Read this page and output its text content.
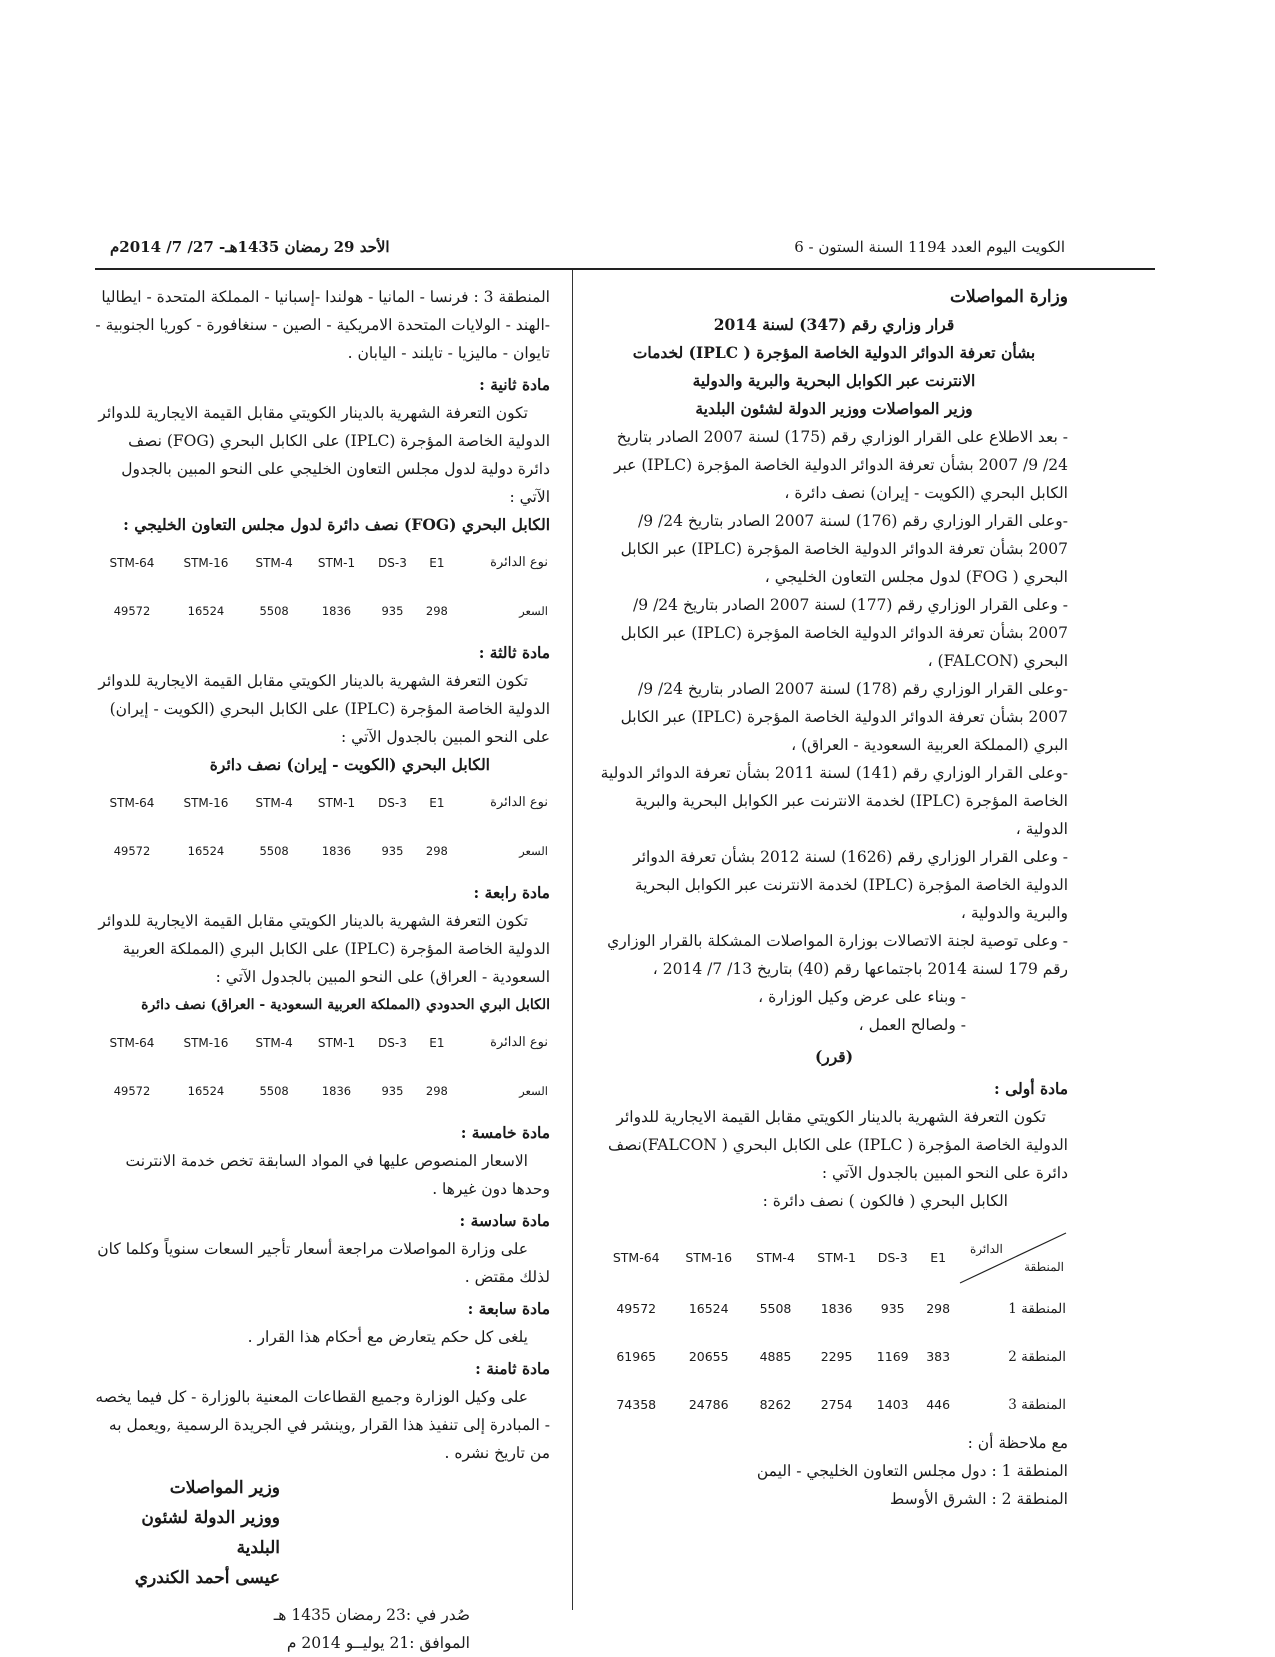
الكويت اليوم العدد 1194 السنة الستون - 6
الأحد 29 رمضان 1435هـ- 27/ 7/ 2014م

وزارة المواصلات

قرار وزاري رقم (347) لسنة 2014

بشأن تعرفة الدوائر الدولية الخاصة المؤجرة ( IPLC) لخدمات

الانترنت عبر الكوابل البحرية والبرية والدولية

وزير المواصلات ووزير الدولة لشئون البلدية

- بعد الاطلاع على القرار الوزاري رقم (175) لسنة 2007 الصادر بتاريخ 24/ 9/ 2007 بشأن تعرفة الدوائر الدولية الخاصة المؤجرة (IPLC) عبر الكابل البحري (الكويت - إيران) نصف دائرة ،

-وعلى القرار الوزاري رقم (176) لسنة 2007 الصادر بتاريخ 24/ 9/ 2007 بشأن تعرفة الدوائر الدولية الخاصة المؤجرة (IPLC) عبر الكابل البحري ( FOG) لدول مجلس التعاون الخليجي ،

- وعلى القرار الوزاري رقم (177) لسنة 2007 الصادر بتاريخ 24/ 9/ 2007 بشأن تعرفة الدوائر الدولية الخاصة المؤجرة (IPLC) عبر الكابل البحري (FALCON) ،

-وعلى القرار الوزاري رقم (178) لسنة 2007 الصادر بتاريخ 24/ 9/ 2007 بشأن تعرفة الدوائر الدولية الخاصة المؤجرة (IPLC) عبر الكابل البري (المملكة العربية السعودية - العراق) ،

-وعلى القرار الوزاري رقم (141) لسنة 2011 بشأن تعرفة الدوائر الدولية الخاصة المؤجرة (IPLC) لخدمة الانترنت عبر الكوابل البحرية والبرية الدولية ،

- وعلى القرار الوزاري رقم (1626) لسنة 2012 بشأن تعرفة الدوائر الدولية الخاصة المؤجرة (IPLC) لخدمة الانترنت عبر الكوابل البحرية والبرية والدولية ،

- وعلى توصية لجنة الاتصالات بوزارة المواصلات المشكلة بالقرار الوزاري رقم 179 لسنة 2014 باجتماعها رقم (40) بتاريخ 13/ 7/ 2014 ،

- وبناء على عرض وكيل الوزارة ،

- ولصالح العمل ،

(قرر)

مادة أولى :

تكون التعرفة الشهرية بالدينار الكويتي مقابل القيمة الايجارية للدوائر الدولية الخاصة المؤجرة ( IPLC) على الكابل البحري ( FALCON)نصف دائرة على النحو المبين بالجدول الآتي :

الكابل البحري ( فالكون ) نصف دائرة :

الدائرة
المنطقة	E1	DS-3	STM-1	STM-4	STM-16	STM-64
المنطقة 1	298	935	1836	5508	16524	49572
المنطقة 2	383	1169	2295	4885	20655	61965
المنطقة 3	446	1403	2754	8262	24786	74358

مع ملاحظة أن :

المنطقة 1 : دول مجلس التعاون الخليجي - اليمن

المنطقة 2 : الشرق الأوسط

المنطقة 3 : فرنسا - المانيا - هولندا -إسبانيا - المملكة المتحدة - ايطاليا -الهند - الولايات المتحدة الامريكية - الصين - سنغافورة - كوريا الجنوبية - تايوان - ماليزيا - تايلند - اليابان .

مادة ثانية :

تكون التعرفة الشهرية بالدينار الكويتي مقابل القيمة الايجارية للدوائر الدولية الخاصة المؤجرة (IPLC) على الكابل البحري (FOG) نصف دائرة دولية لدول مجلس التعاون الخليجي على النحو المبين بالجدول الآتي :

الكابل البحري (FOG) نصف دائرة لدول مجلس التعاون الخليجي :

نوع الدائرة	E1	DS-3	STM-1	STM-4	STM-16	STM-64
السعر	298	935	1836	5508	16524	49572

مادة ثالثة :

تكون التعرفة الشهرية بالدينار الكويتي مقابل القيمة الايجارية للدوائر الدولية الخاصة المؤجرة (IPLC) على الكابل البحري (الكويت - إيران) على النحو المبين بالجدول الآتي :

الكابل البحري (الكويت - إيران) نصف دائرة

نوع الدائرة	E1	DS-3	STM-1	STM-4	STM-16	STM-64
السعر	298	935	1836	5508	16524	49572

مادة رابعة :

تكون التعرفة الشهرية بالدينار الكويتي مقابل القيمة الايجارية للدوائر الدولية الخاصة المؤجرة (IPLC) على الكابل البري (المملكة العربية السعودية - العراق) على النحو المبين بالجدول الآتي :

الكابل البري الحدودي (المملكة العربية السعودية - العراق) نصف دائرة

نوع الدائرة	E1	DS-3	STM-1	STM-4	STM-16	STM-64
السعر	298	935	1836	5508	16524	49572

مادة خامسة :

الاسعار المنصوص عليها في المواد السابقة تخص خدمة الانترنت وحدها دون غيرها .

مادة سادسة :

على وزارة المواصلات مراجعة أسعار تأجير السعات سنوياً وكلما كان لذلك مقتض .

مادة سابعة :

يلغى كل حكم يتعارض مع أحكام هذا القرار .

مادة ثامنة :

على وكيل الوزارة وجميع القطاعات المعنية بالوزارة - كل فيما يخصه - المبادرة إلى تنفيذ هذا القرار ,وينشر في الجريدة الرسمية ,ويعمل به من تاريخ نشره .

وزير المواصلات

ووزير الدولة لشئون البلدية

عيسى أحمد الكندري

صُدر في :23 رمضان 1435 هـ

الموافق :21 يوليــو 2014 م
